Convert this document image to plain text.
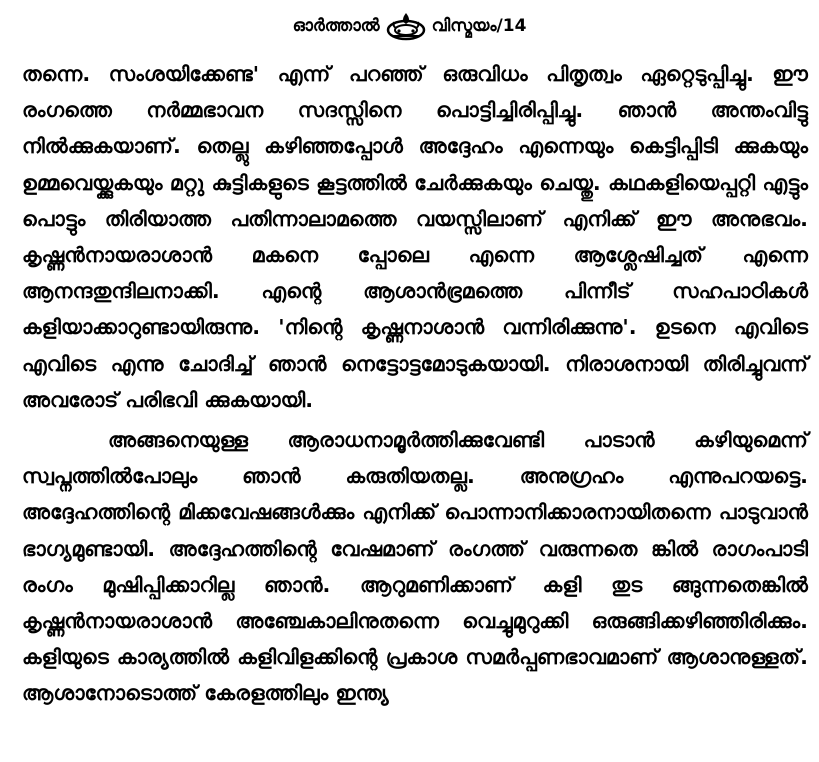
ഓർത്താൽ	വിസ്മയം/14

തന്നെ. സംശയിക്കേണ്ട' എന്ന് പറഞ്ഞ് ഒരുവിധം പിതൃത്വം ഏറ്റെടുപ്പിച്ചു. ഈ രംഗത്തെ നർമ്മഭാവന സദസ്സിനെ പൊട്ടിച്ചിരിപ്പിച്ചു. ഞാൻ അന്തംവിട്ടു നിൽക്കുകയാണ്. തെല്ലു കഴിഞ്ഞപ്പോൾ അദ്ദേഹം എന്നെയും കെട്ടിപ്പിടി ക്കുകയും ഉമ്മവെയ്ക്കുകയും മറ്റു കുട്ടികളുടെ കൂട്ടത്തിൽ ചേർക്കുകയും ചെയ്തു. കഥകളിയെപ്പറ്റി എട്ടും പൊട്ടും തിരിയാത്ത പതിന്നാലാമത്തെ വയസ്സിലാണ് എനിക്ക് ഈ അനുഭവം. കൃഷ്ണൻനായരാശാൻ മകനെ പ്പോലെ എന്നെ ആശ്ലേഷിച്ചത് എന്നെ ആനന്ദതുന്ദിലനാക്കി. എന്റെ ആശാൻഭ്രമത്തെ പിന്നീട് സഹപാഠികൾ കളിയാക്കാറുണ്ടായിരുന്നു. 'നിന്റെ കൃഷ്ണനാശാൻ വന്നിരിക്കുന്നു'. ഉടനെ എവിടെ എവിടെ എന്നു ചോദിച്ച് ഞാൻ നെട്ടോട്ടമോടുകയായി. നിരാശനായി തിരിച്ചുവന്ന് അവരോട് പരിഭവി ക്കുകയായി.

അങ്ങനെയുള്ള ആരാധനാമൂർത്തിക്കുവേണ്ടി പാടാൻ കഴിയുമെന്ന് സ്വപ്നത്തിൽപോലും ഞാൻ കരുതിയതല്ല. അനുഗ്രഹം എന്നുപറയട്ടെ. അദ്ദേഹത്തിന്റെ മിക്കവേഷങ്ങൾക്കും എനിക്ക് പൊന്നാനിക്കാരനായിതന്നെ പാടുവാൻ ഭാഗ്യമുണ്ടായി. അദ്ദേഹത്തിന്റെ വേഷമാണ് രംഗത്ത് വരുന്നതെ ങ്കിൽ രാഗംപാടി രംഗം മുഷിപ്പിക്കാറില്ല ഞാൻ. ആറുമണിക്കാണ് കളി തുട ങ്ങുന്നതെങ്കിൽ കൃഷ്ണൻനായരാശാൻ അഞ്ചേകാലിനുതന്നെ വെച്ചുമുറുക്കി ഒരുങ്ങിക്കഴിഞ്ഞിരിക്കും. കളിയുടെ കാര്യത്തിൽ കളിവിളക്കിന്റെ പ്രകാശ സമർപ്പണഭാവമാണ് ആശാനുള്ളത്. ആശാനോടൊത്ത് കേരളത്തിലും ഇന്ത്യ
